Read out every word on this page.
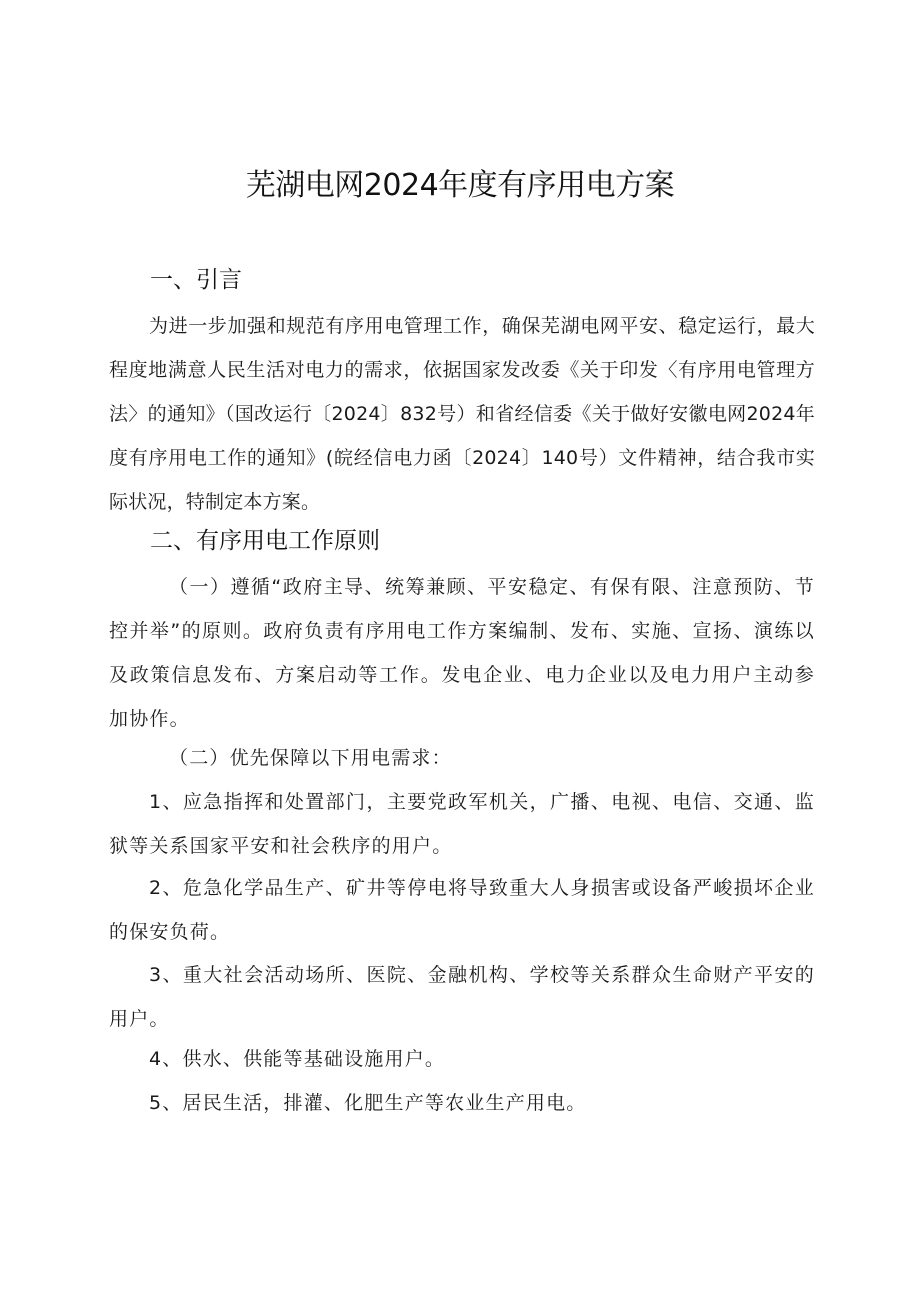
芜湖电网2024年度有序用电方案
一、引言

为进一步加强和规范有序用电管理工作，确保芜湖电网平安、稳定运行，最大程度地满意人民生活对电力的需求，依据国家发改委《关于印发〈有序用电管理方法〉的通知》（国改运行〔2024〕832号）和省经信委《关于做好安徽电网2024年度有序用电工作的通知》(皖经信电力函〔2024〕140号）文件精神，结合我市实际状况，特制定本方案。

二、有序用电工作原则

（一）遵循“政府主导、统筹兼顾、平安稳定、有保有限、注意预防、节控并举”的原则。政府负责有序用电工作方案编制、发布、实施、宣扬、演练以及政策信息发布、方案启动等工作。发电企业、电力企业以及电力用户主动参加协作。

（二）优先保障以下用电需求：

1、应急指挥和处置部门，主要党政军机关，广播、电视、电信、交通、监狱等关系国家平安和社会秩序的用户。

2、危急化学品生产、矿井等停电将导致重大人身损害或设备严峻损坏企业的保安负荷。

3、重大社会活动场所、医院、金融机构、学校等关系群众生命财产平安的用户。

4、供水、供能等基础设施用户。

5、居民生活，排灌、化肥生产等农业生产用电。
